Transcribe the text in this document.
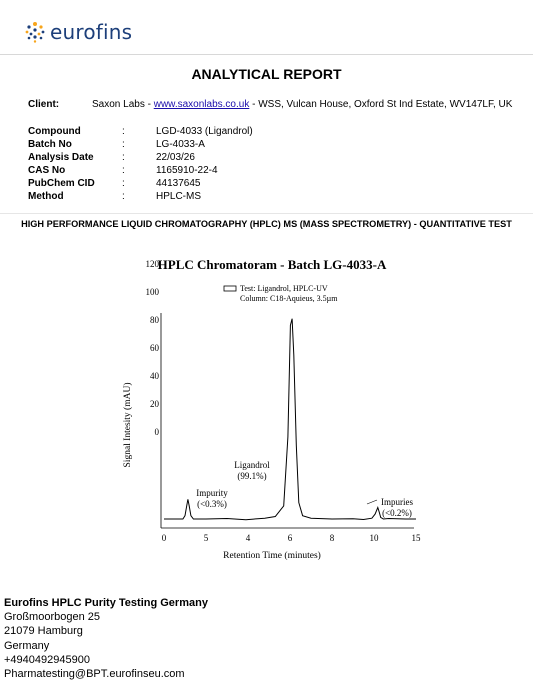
eurofins
ANALYTICAL REPORT
Client:	Saxon Labs - www.saxonlabs.co.uk - WSS, Vulcan House, Oxford St Ind Estate, WV147LF, UK
Compound	:	LGD-4033 (Ligandrol)
Batch No	:	LG-4033-A
Analysis Date	:	22/03/26
CAS No	:	1165910-22-4
PubChem CID	:	44137645
Method	:	HPLC-MS
HIGH PERFORMANCE LIQUID CHROMATOGRAPHY (HPLC) MS (MASS SPECTROMETRY) - QUANTITATIVE TEST
HPLC Chromatoram - Batch LG-4033-A
Test: Ligandrol, HPLC-UV
Column: C18-Aquieus, 3.5µm
0
20
40
60
80
100
120
0	5	4	6	8	10	15
Retention Time (minutes)
Signal Intesity (mAU)	Ligandrol
(99.1%)
Impurity
(<0.3%)	Impuries
(<0.2%)
Eurofins HPLC Purity Testing Germany
Großmoorbogen 25
21079 Hamburg
Germany
+4940492945900
Pharmatesting@BPT.eurofinseu.com
